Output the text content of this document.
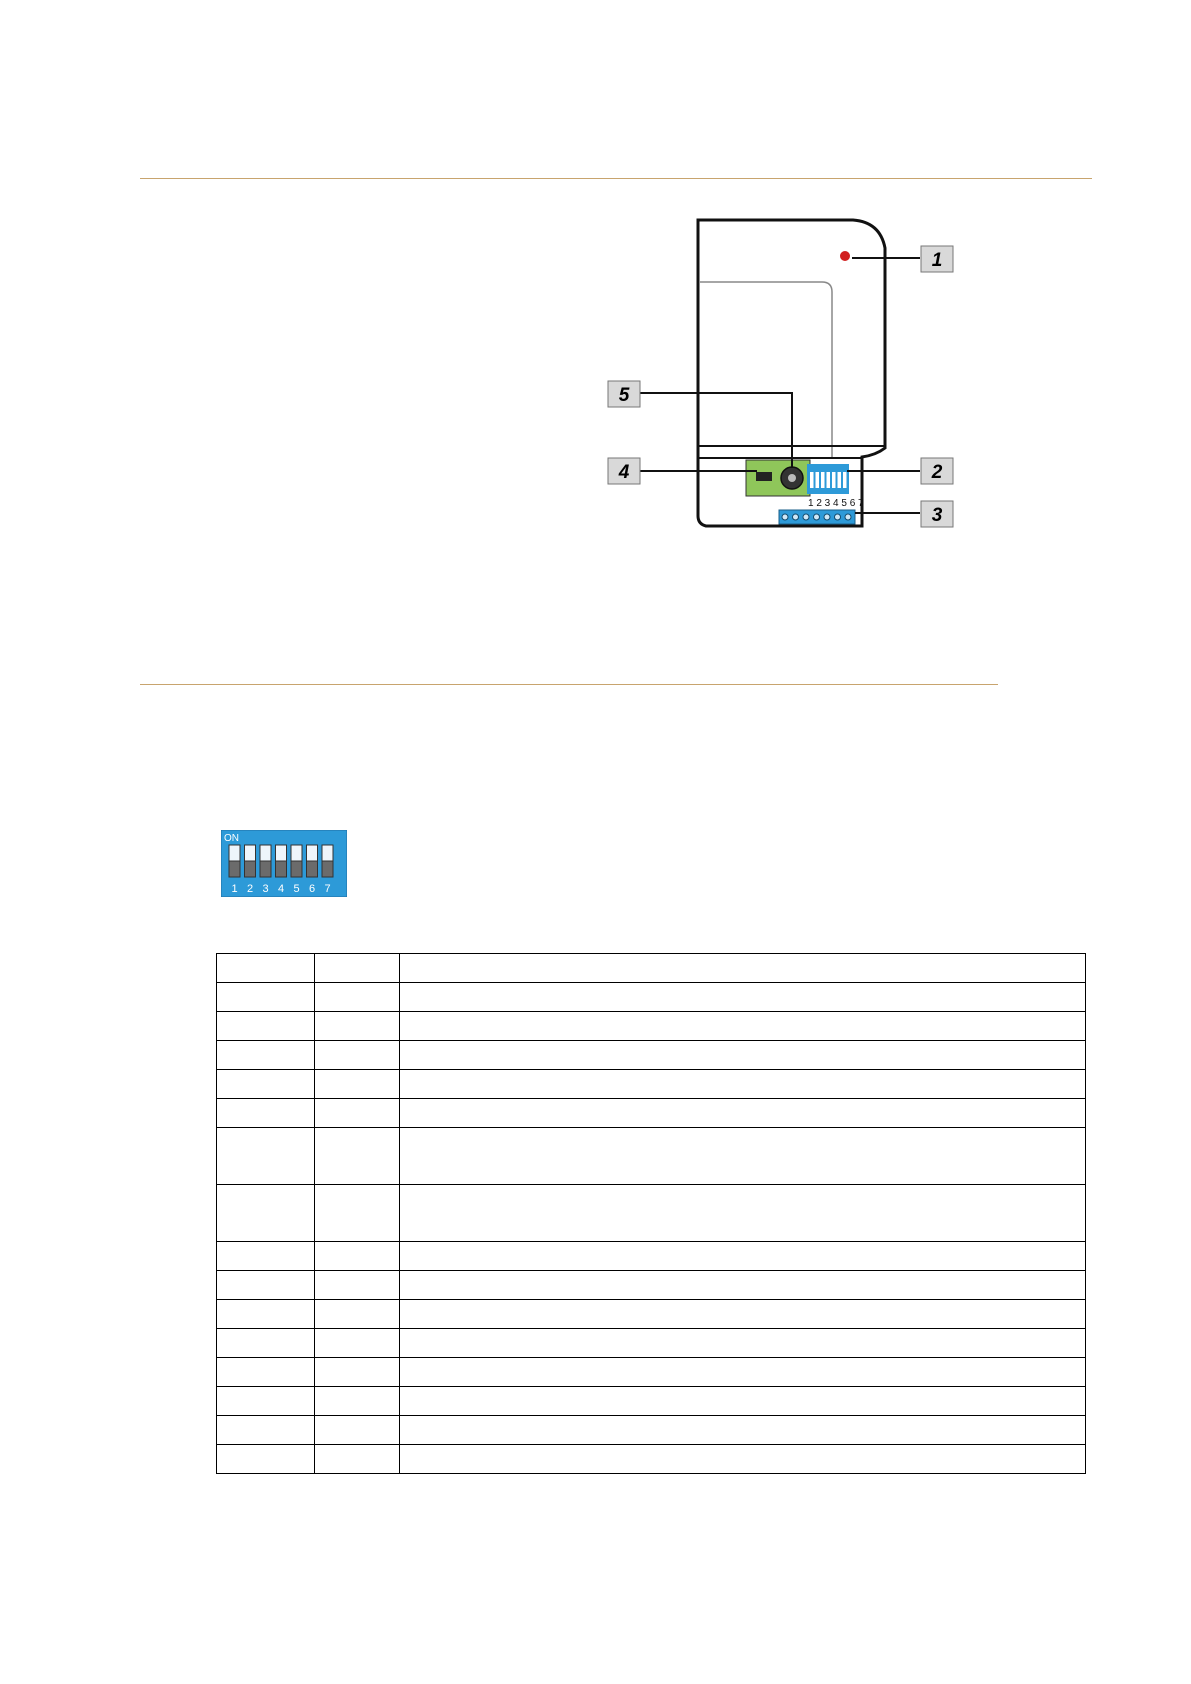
1 2 3 4 5 6 7
1
2
3
4
5
ON
1 2 3 4 5 6 7
